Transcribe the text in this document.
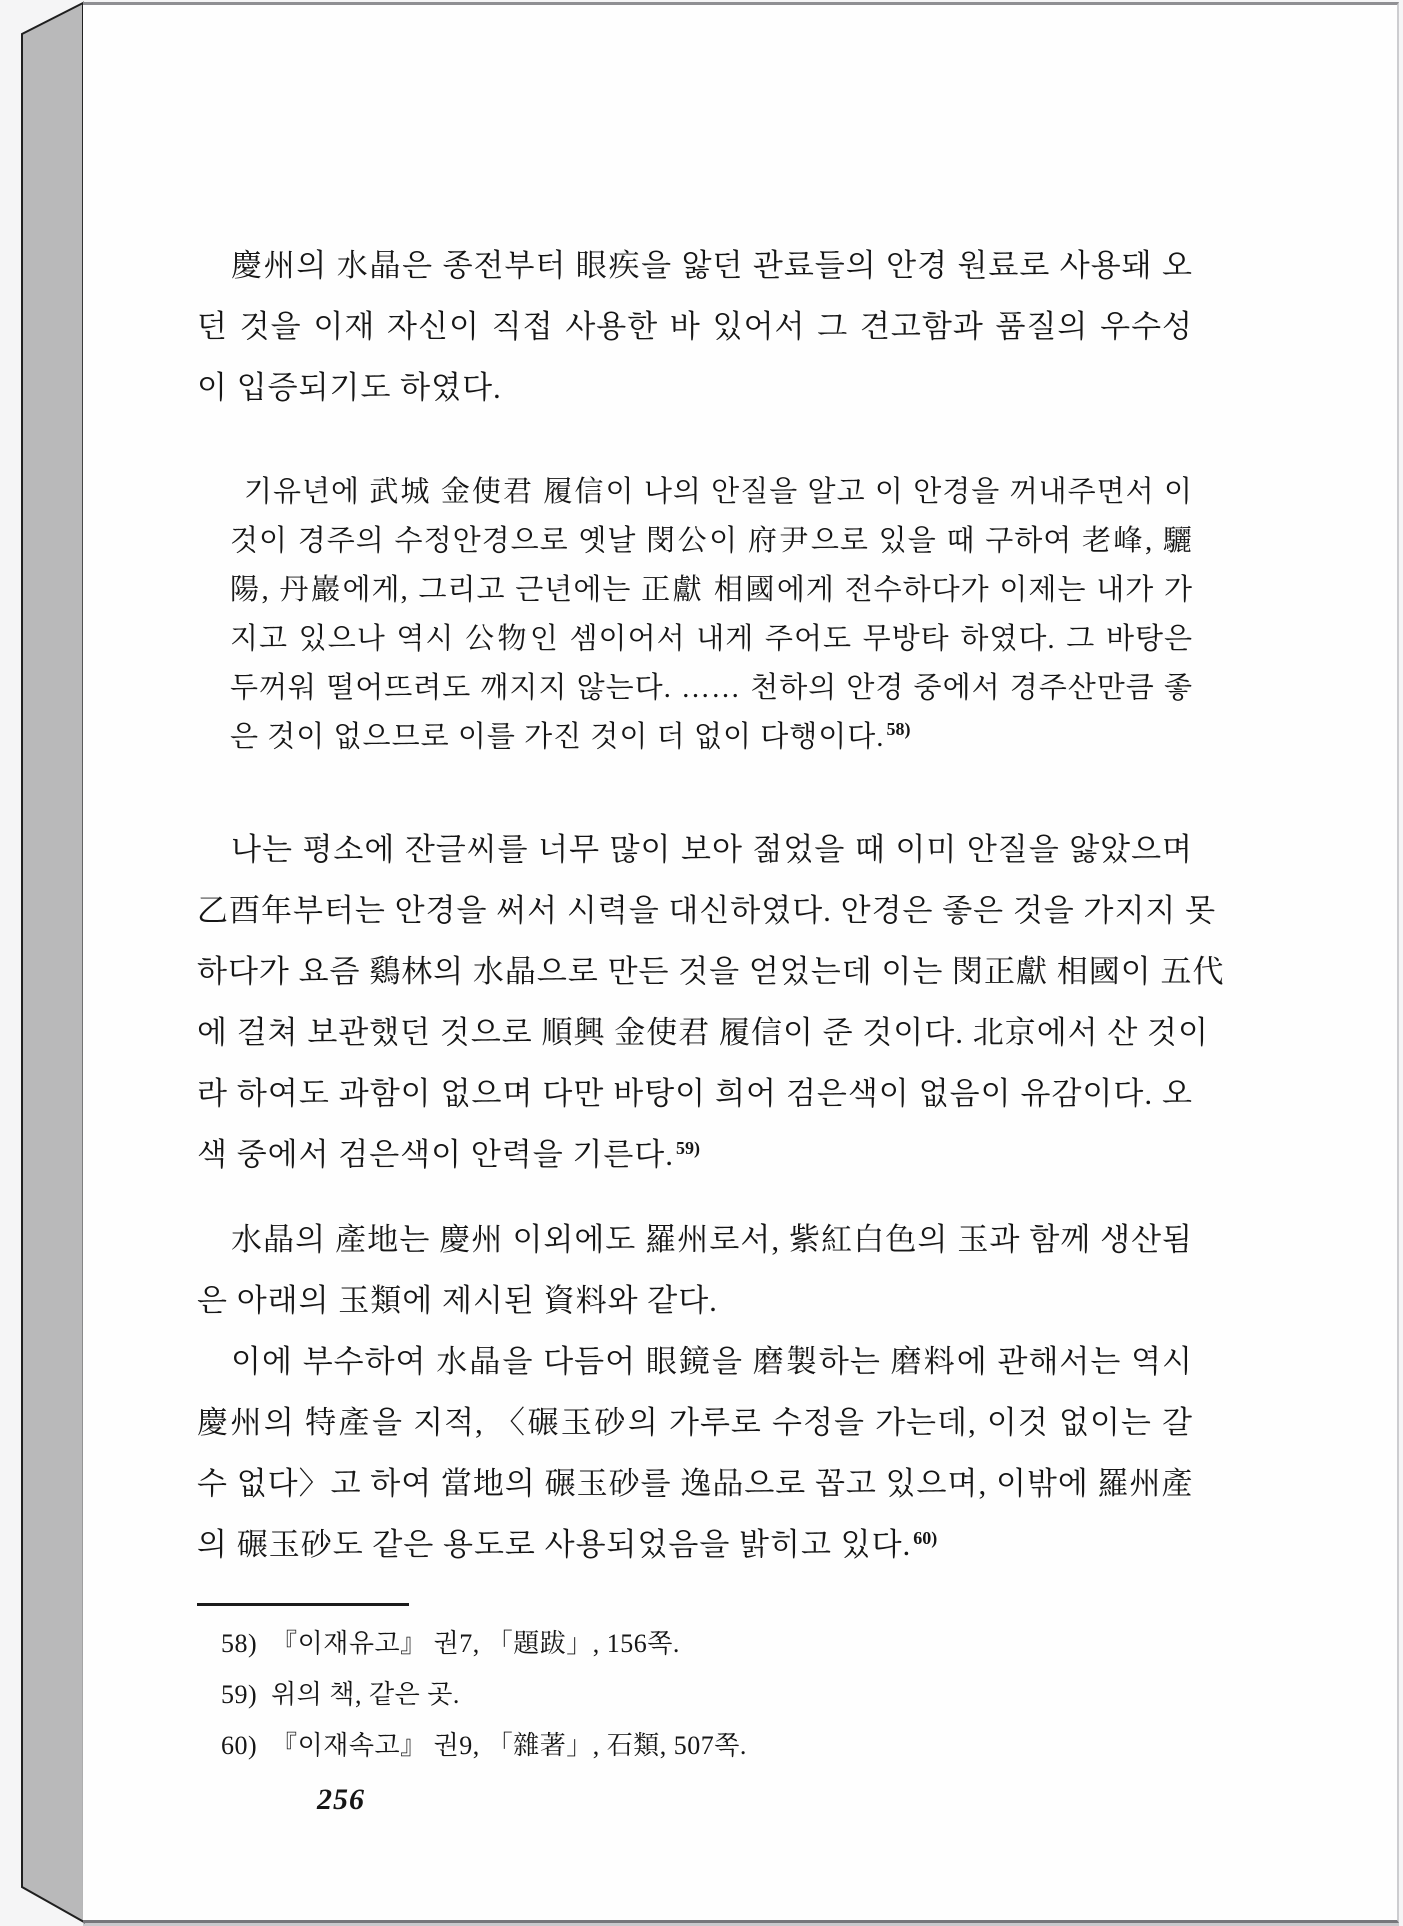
慶州의 水晶은 종전부터 眼疾을 앓던 관료들의 안경 원료로 사용돼 오
던 것을 이재 자신이 직접 사용한 바 있어서 그 견고함과 품질의 우수성
이 입증되기도 하였다.
기유년에 武城 金使君 履信이 나의 안질을 알고 이 안경을 꺼내주면서 이
것이 경주의 수정안경으로 옛날 閔公이 府尹으로 있을 때 구하여 老峰, 驪
陽, 丹巖에게, 그리고 근년에는 正獻 相國에게 전수하다가 이제는 내가 가
지고 있으나 역시 公物인 셈이어서 내게 주어도 무방타 하였다. 그 바탕은
두꺼워 떨어뜨려도 깨지지 않는다. …… 천하의 안경 중에서 경주산만큼 좋
은 것이 없으므로 이를 가진 것이 더 없이 다행이다. $^{58)}$
나는 평소에 잔글씨를 너무 많이 보아 젊었을 때 이미 안질을 앓았으며
乙酉年부터는 안경을 써서 시력을 대신하였다. 안경은 좋은 것을 가지지 못
하다가 요즘 鷄林의 水晶으로 만든 것을 얻었는데 이는 閔正獻 相國이 五代
에 걸쳐 보관했던 것으로 順興 金使君 履信이 준 것이다. 北京에서 산 것이
라 하여도 과함이 없으며 다만 바탕이 희어 검은색이 없음이 유감이다. 오
색 중에서 검은색이 안력을 기른다. $^{59)}$
水晶의 產地는 慶州 이외에도 羅州로서, 紫紅白色의 玉과 함께 생산됨
은 아래의 玉類에 제시된 資料와 같다.
이에 부수하여 水晶을 다듬어 眼鏡을 磨製하는 磨料에 관해서는 역시
慶州의 特產을 지적, 〈碾玉砂의 가루로 수정을 가는데, 이것 없이는 갈
수 없다〉고 하여 當地의 碾玉砂를 逸品으로 꼽고 있으며, 이밖에 羅州產
의 碾玉砂도 같은 용도로 사용되었음을 밝히고 있다. $^{60)}$
58) 『이재유고』 권7, 「題跋」, 156쪽.
59) 위의 책, 같은 곳.
60) 『이재속고』 권9, 「雜著」, 石類, 507쪽.
256
